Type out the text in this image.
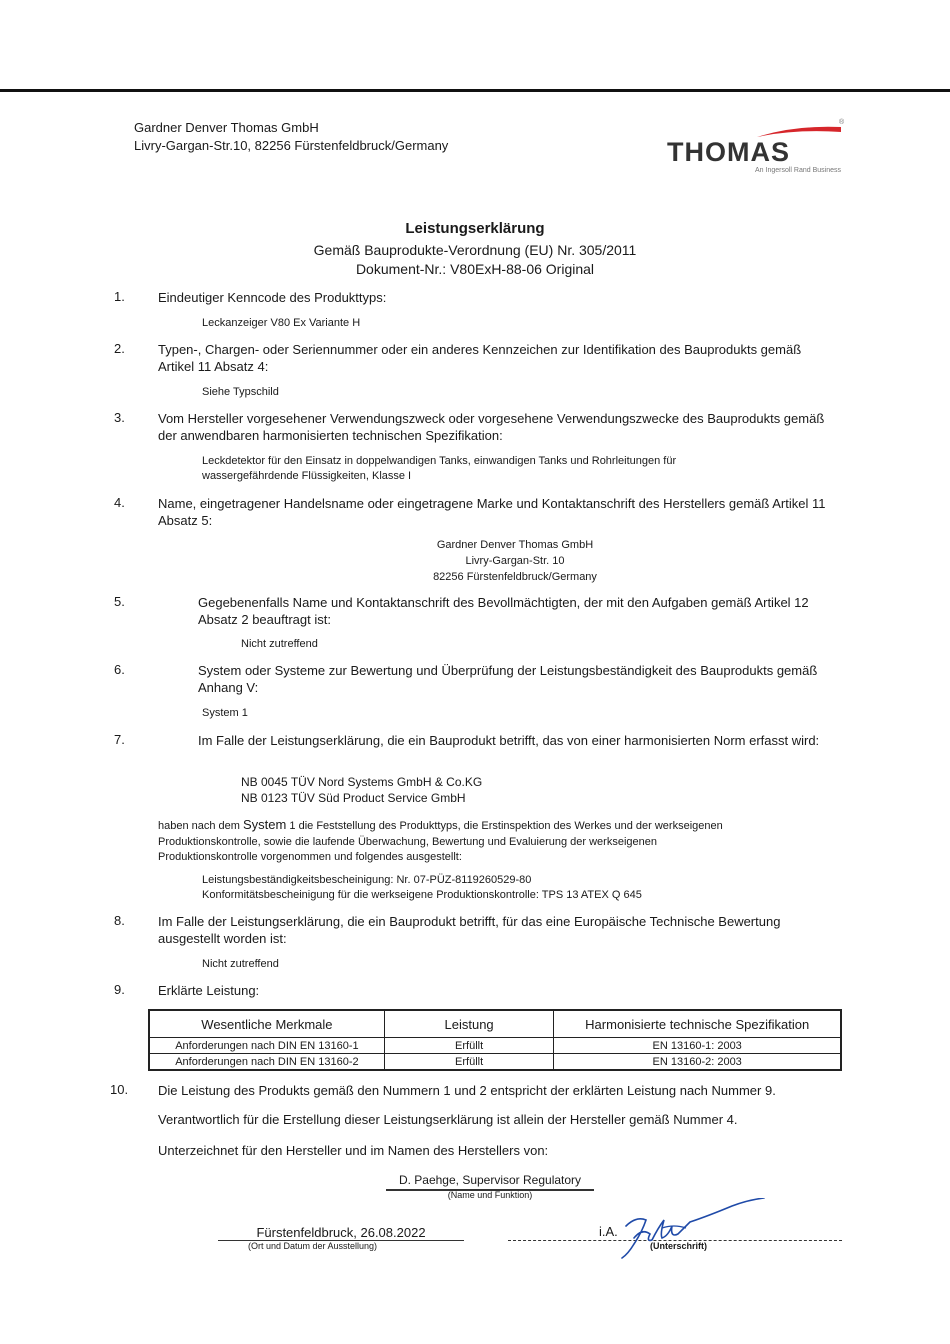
Gardner Denver Thomas GmbH
Livry-Gargan-Str.10, 82256 Fürstenfeldbruck/Germany
®
THOMAS
An Ingersoll Rand Business
Leistungserklärung
Gemäß Bauprodukte-Verordnung (EU) Nr. 305/2011
Dokument-Nr.: V80ExH-88-06 Original
1.	Eindeutiger Kenncode des Produkttyps:
Leckanzeiger V80 Ex Variante H
2.	Typen-, Chargen- oder Seriennummer oder ein anderes Kennzeichen zur Identifikation des Bauprodukts gemäß Artikel 11 Absatz 4:
Siehe Typschild
3.	Vom Hersteller vorgesehener Verwendungszweck oder vorgesehene Verwendungszwecke des Bauprodukts gemäß der anwendbaren harmonisierten technischen Spezifikation:
Leckdetektor für den Einsatz in doppelwandigen Tanks, einwandigen Tanks und Rohrleitungen für
wassergefährdende Flüssigkeiten, Klasse I
4.	Name, eingetragener Handelsname oder eingetragene Marke und Kontaktanschrift des Herstellers gemäß Artikel 11 Absatz 5:
Gardner Denver Thomas GmbH
Livry-Gargan-Str. 10
82256 Fürstenfeldbruck/Germany
5.	Gegebenenfalls Name und Kontaktanschrift des Bevollmächtigten, der mit den Aufgaben gemäß Artikel 12 Absatz 2 beauftragt ist:
Nicht zutreffend
6.	System oder Systeme zur Bewertung und Überprüfung der Leistungsbeständigkeit des Bauprodukts gemäß Anhang V:
System 1
7.	Im Falle der Leistungserklärung, die ein Bauprodukt betrifft, das von einer harmonisierten Norm erfasst wird:
NB 0045 TÜV Nord Systems GmbH & Co.KG
NB 0123 TÜV Süd Product Service GmbH
haben nach dem System 1 die Feststellung des Produkttyps, die Erstinspektion des Werkes und der werkseigenen
Produktionskontrolle, sowie die laufende Überwachung, Bewertung und Evaluierung der werkseigenen
Produktionskontrolle vorgenommen und folgendes ausgestellt:
Leistungsbeständigkeitsbescheinigung: Nr. 07-PÜZ-8119260529-80
Konformitätsbescheinigung für die werkseigene Produktionskontrolle: TPS 13 ATEX Q 645
8.	Im Falle der Leistungserklärung, die ein Bauprodukt betrifft, für das eine Europäische Technische Bewertung ausgestellt worden ist:
Nicht zutreffend
9.	Erklärte Leistung:
Wesentliche Merkmale	Leistung	Harmonisierte technische Spezifikation
Anforderungen nach DIN EN 13160-1	Erfüllt	EN 13160-1: 2003
Anforderungen nach DIN EN 13160-2	Erfüllt	EN 13160-2: 2003
10. Die Leistung des Produkts gemäß den Nummern 1 und 2 entspricht der erklärten Leistung nach Nummer 9.
Verantwortlich für die Erstellung dieser Leistungserklärung ist allein der Hersteller gemäß Nummer 4.
Unterzeichnet für den Hersteller und im Namen des Herstellers von:
D. Paehge, Supervisor Regulatory
(Name und Funktion)
Fürstenfeldbruck, 26.08.2022
(Ort und Datum der Ausstellung)
i.A.
(Unterschrift)
